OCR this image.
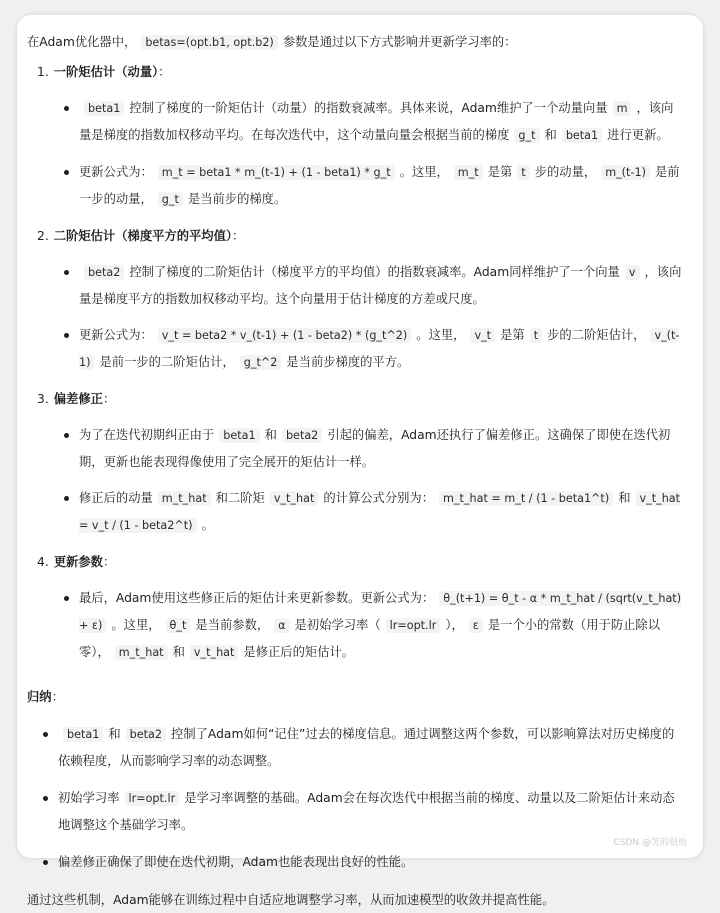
在Adam优化器中， betas=(opt.b1, opt.b2) 参数是通过以下方式影响并更新学习率的：

1. 一阶矩估计（动量）：

beta1 控制了梯度的一阶矩估计（动量）的指数衰减率。具体来说，Adam维护了一个动量向量 m ，该向量是梯度的指数加权移动平均。在每次迭代中，这个动量向量会根据当前的梯度 g_t 和 beta1 进行更新。
更新公式为： m_t = beta1 * m_(t-1) + (1 - beta1) * g_t 。这里， m_t 是第 t 步的动量， m_(t-1) 是前一步的动量， g_t 是当前步的梯度。

2. 二阶矩估计（梯度平方的平均值）：

beta2 控制了梯度的二阶矩估计（梯度平方的平均值）的指数衰减率。Adam同样维护了一个向量 v ，该向量是梯度平方的指数加权移动平均。这个向量用于估计梯度的方差或尺度。
更新公式为： v_t = beta2 * v_(t-1) + (1 - beta2) * (g_t^2) 。这里， v_t 是第 t 步的二阶矩估计， v_(t-1) 是前一步的二阶矩估计， g_t^2 是当前步梯度的平方。

3. 偏差修正：

为了在迭代初期纠正由于 beta1 和 beta2 引起的偏差，Adam还执行了偏差修正。这确保了即使在迭代初期，更新也能表现得像使用了完全展开的矩估计一样。
修正后的动量 m_t_hat 和二阶矩 v_t_hat 的计算公式分别为： m_t_hat = m_t / (1 - beta1^t) 和 v_t_hat = v_t / (1 - beta2^t) 。

4. 更新参数：

最后，Adam使用这些修正后的矩估计来更新参数。更新公式为： θ_(t+1) = θ_t - α * m_t_hat / (sqrt(v_t_hat) + ε) 。这里， θ_t 是当前参数， α 是初始学习率（ lr=opt.lr ）， ε 是一个小的常数（用于防止除以零）， m_t_hat 和 v_t_hat 是修正后的矩估计。

归纳：

beta1 和 beta2 控制了Adam如何“记住”过去的梯度信息。通过调整这两个参数，可以影响算法对历史梯度的依赖程度，从而影响学习率的动态调整。
初始学习率 lr=opt.lr 是学习率调整的基础。Adam会在每次迭代中根据当前的梯度、动量以及二阶矩估计来动态地调整这个基础学习率。
偏差修正确保了即使在迭代初期，Adam也能表现出良好的性能。

通过这些机制，Adam能够在训练过程中自适应地调整学习率，从而加速模型的收敛并提高性能。

CSDN @笑的很灿
